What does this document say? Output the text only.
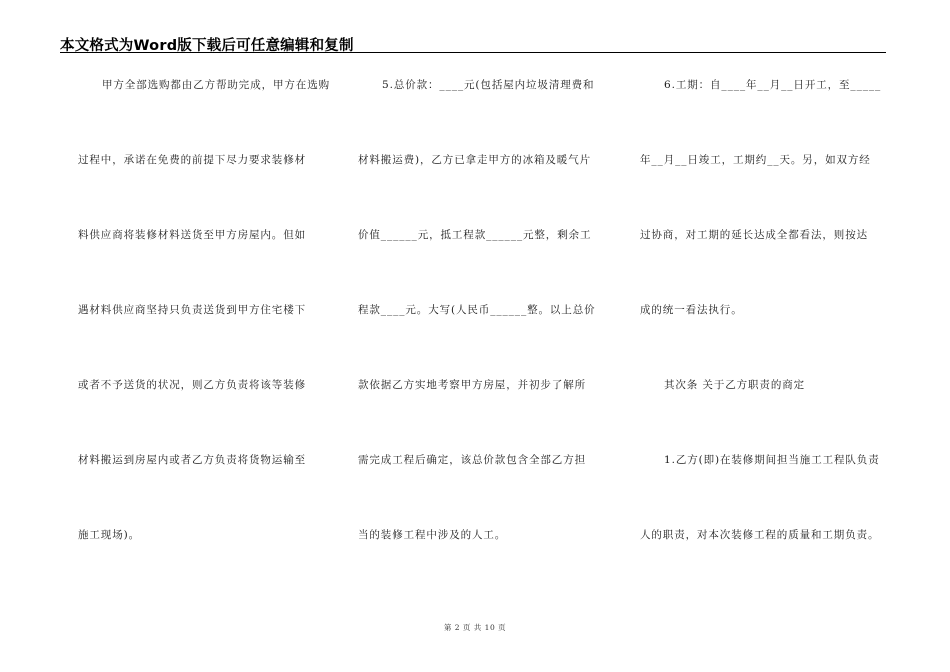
本文格式为Word版下载后可任意编辑和复制
甲方全部选购都由乙方帮助完成，甲方在选购
过程中，承诺在免费的前提下尽力要求装修材
料供应商将装修材料送货至甲方房屋内。但如
遇材料供应商坚持只负责送货到甲方住宅楼下
或者不予送货的状况，则乙方负责将该等装修
材料搬运到房屋内或者乙方负责将货物运输至
施工现场)。
5.总价款：____元(包括屋内垃圾清理费和
材料搬运费)，乙方已拿走甲方的冰箱及暖气片
价值______元，抵工程款______元整，剩余工
程款____元。大写(人民币______整。以上总价
款依据乙方实地考察甲方房屋，并初步了解所
需完成工程后确定，该总价款包含全部乙方担
当的装修工程中涉及的人工。
6.工期：自____年__月__日开工，至_____
年__月__日竣工，工期约__天。另，如双方经
过协商，对工期的延长达成全都看法，则按达
成的统一看法执行。
其次条 关于乙方职责的商定
1.乙方(即)在装修期间担当施工工程队负责
人的职责，对本次装修工程的质量和工期负责。
第 2 页 共 10 页
